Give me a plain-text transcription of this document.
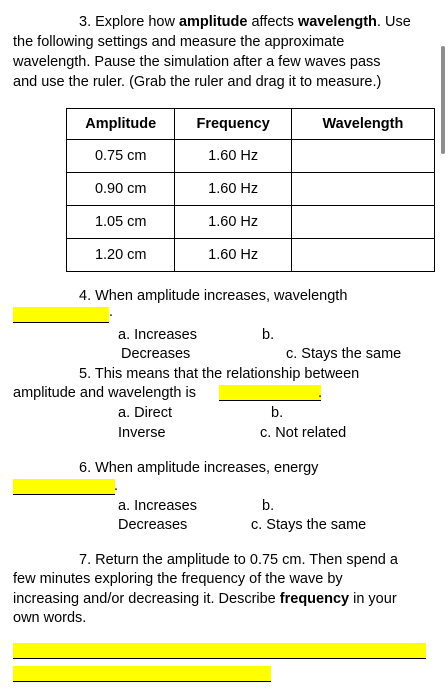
3. Explore how amplitude affects wavelength. Use
the following settings and measure the approximate
wavelength. Pause the simulation after a few waves pass
and use the ruler. (Grab the ruler and drag it to measure.)
Amplitude	Frequency	Wavelength
0.75 cm	1.60 Hz	
0.90 cm	1.60 Hz	
1.05 cm	1.60 Hz	
1.20 cm	1.60 Hz	
4. When amplitude increases, wavelength
.
a. Increases	b.
Decreases	c. Stays the same
5. This means that the relationship between
amplitude and wavelength is	.
a. Direct	b.
Inverse	c. Not related
6. When amplitude increases, energy
.
a. Increases	b.
Decreases	c. Stays the same
7. Return the amplitude to 0.75 cm. Then spend a
few minutes exploring the frequency of the wave by
increasing and/or decreasing it. Describe frequency in your
own words.
